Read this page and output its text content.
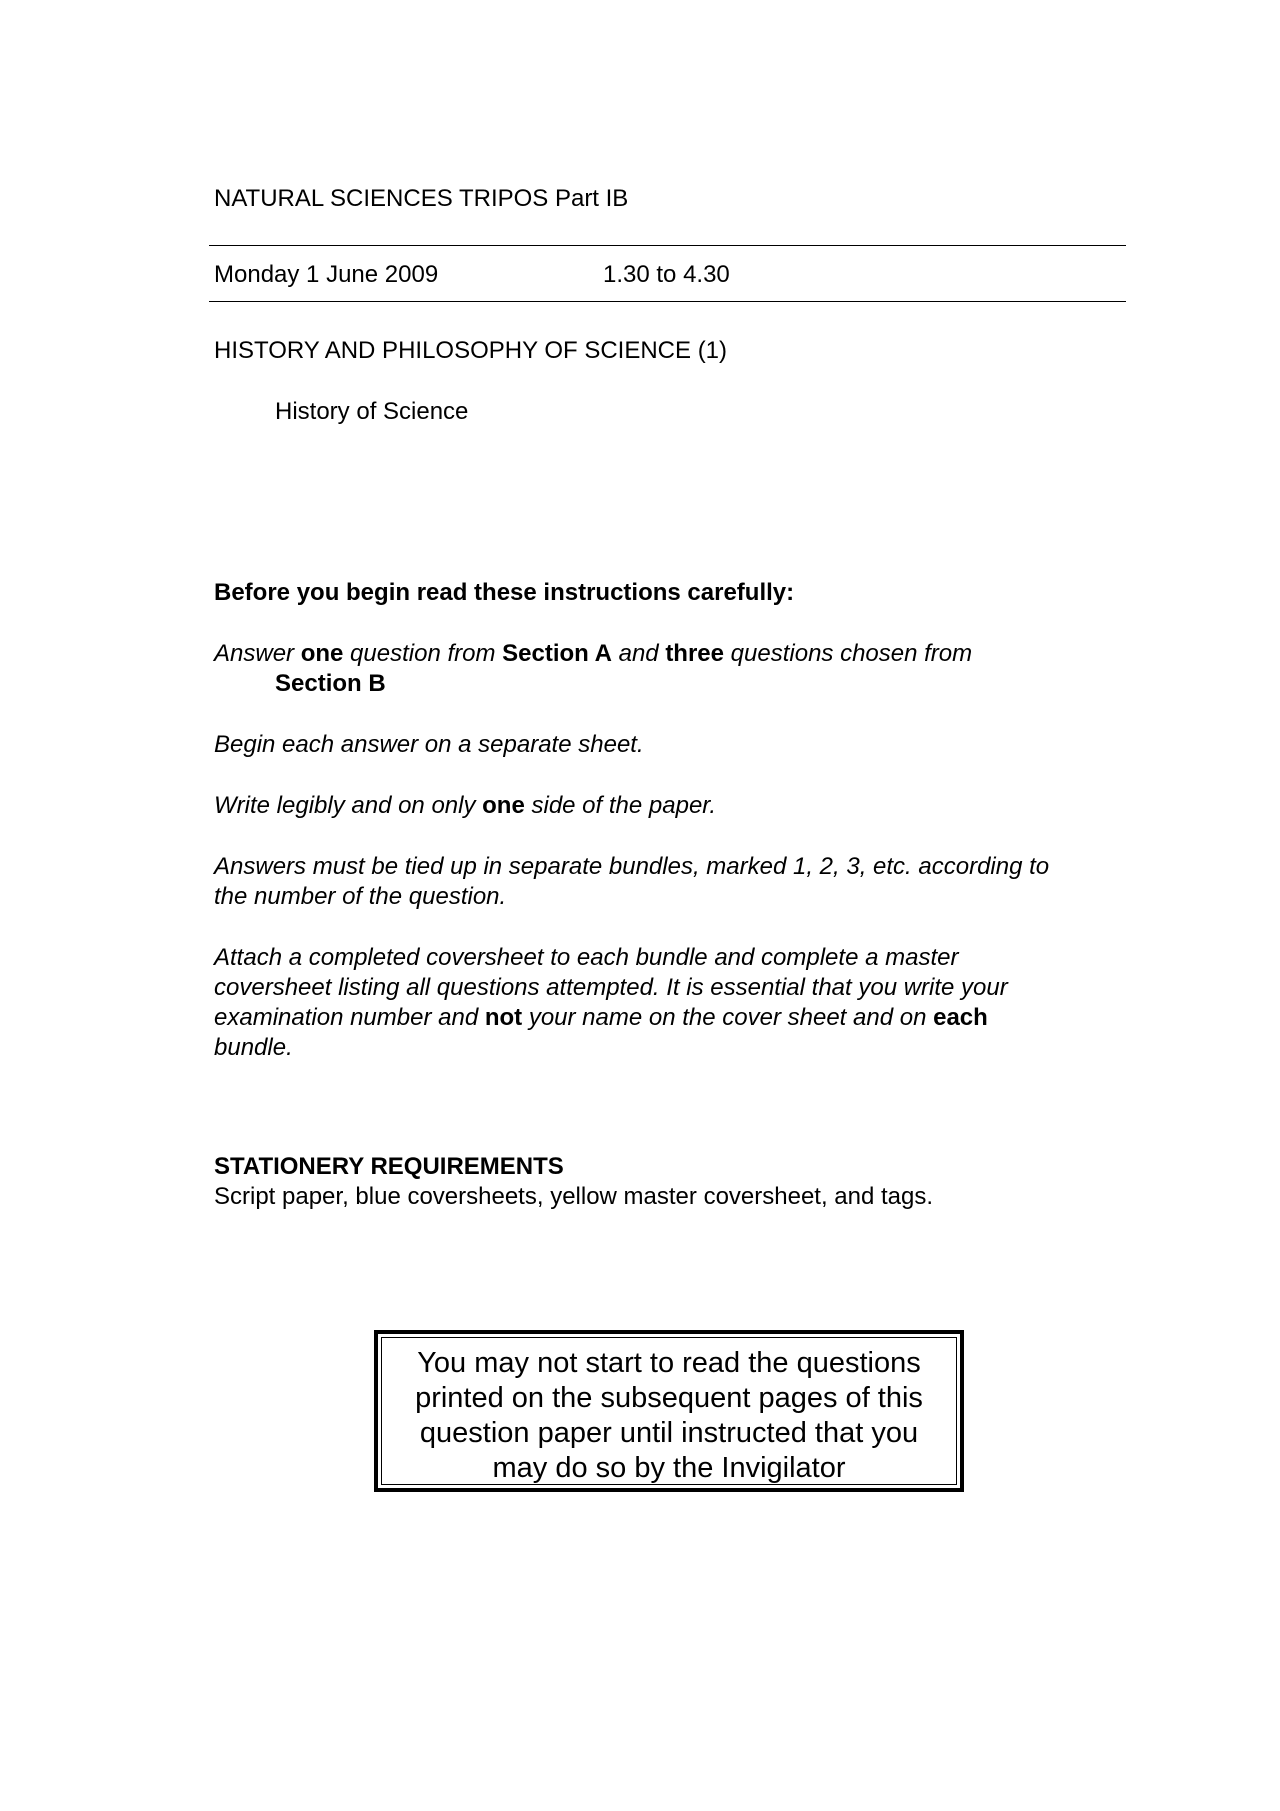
NATURAL SCIENCES TRIPOS Part IB
Monday 1 June 2009	1.30 to 4.30
HISTORY AND PHILOSOPHY OF SCIENCE (1)
History of Science
Before you begin read these instructions carefully:
Answer one question from Section A and three questions chosen from
Section B
Begin each answer on a separate sheet.
Write legibly and on only one side of the paper.
Answers must be tied up in separate bundles, marked 1, 2, 3, etc. according to
the number of the question.
Attach a completed coversheet to each bundle and complete a master
coversheet listing all questions attempted. It is essential that you write your
examination number and not your name on the cover sheet and on each
bundle.
STATIONERY REQUIREMENTS
Script paper, blue coversheets, yellow master coversheet, and tags.
You may not start to read the questions
printed on the subsequent pages of this
question paper until instructed that you
may do so by the Invigilator
